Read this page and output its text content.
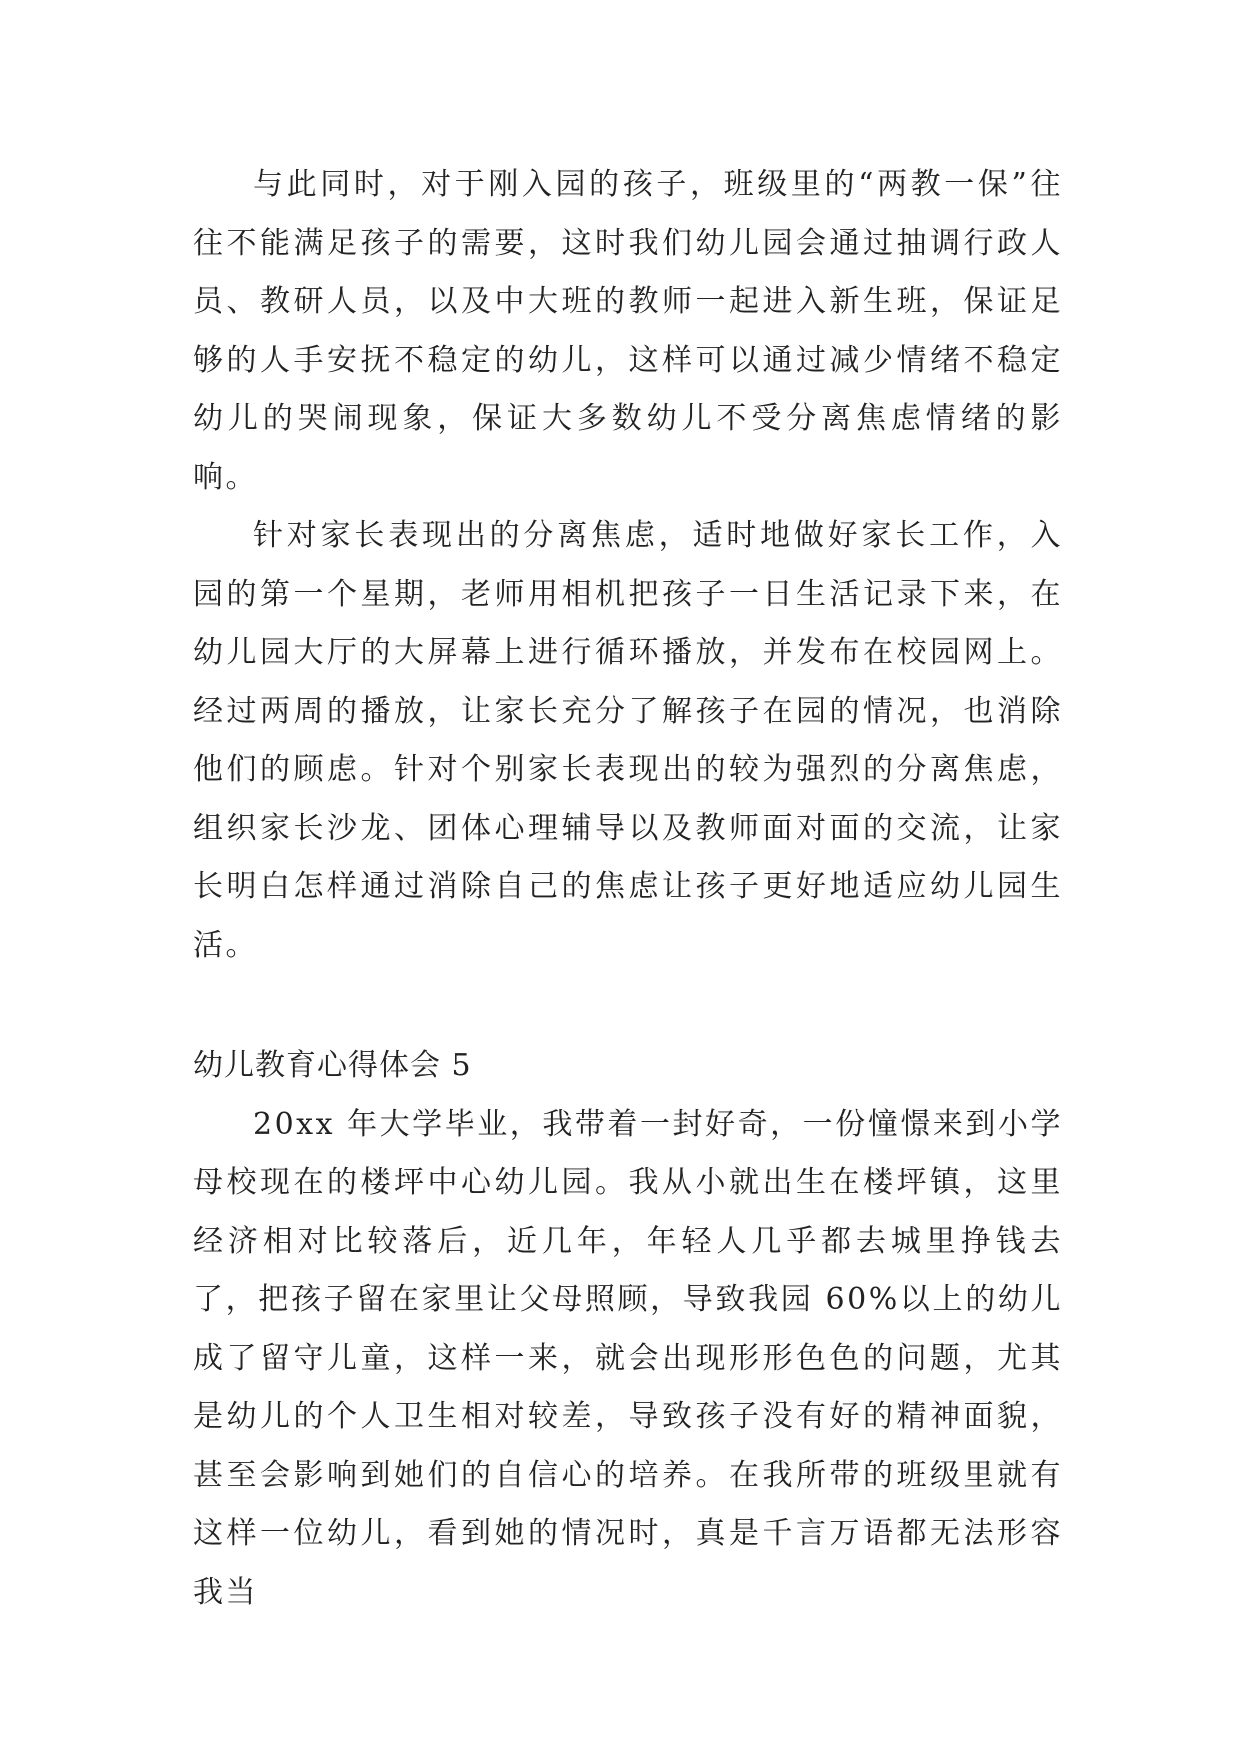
与此同时，对于刚入园的孩子，班级里的“两教一保”往往不能满足孩子的需要，这时我们幼儿园会通过抽调行政人员、教研人员，以及中大班的教师一起进入新生班，保证足够的人手安抚不稳定的幼儿，这样可以通过减少情绪不稳定幼儿的哭闹现象，保证大多数幼儿不受分离焦虑情绪的影响。

针对家长表现出的分离焦虑，适时地做好家长工作，入园的第一个星期，老师用相机把孩子一日生活记录下来，在幼儿园大厅的大屏幕上进行循环播放，并发布在校园网上。经过两周的播放，让家长充分了解孩子在园的情况，也消除他们的顾虑。针对个别家长表现出的较为强烈的分离焦虑，组织家长沙龙、团体心理辅导以及教师面对面的交流，让家长明白怎样通过消除自己的焦虑让孩子更好地适应幼儿园生活。

幼儿教育心得体会 5

20xx 年大学毕业，我带着一封好奇，一份憧憬来到小学母校现在的楼坪中心幼儿园。我从小就出生在楼坪镇，这里经济相对比较落后，近几年，年轻人几乎都去城里挣钱去了，把孩子留在家里让父母照顾，导致我园 60%以上的幼儿成了留守儿童，这样一来，就会出现形形色色的问题，尤其是幼儿的个人卫生相对较差，导致孩子没有好的精神面貌，甚至会影响到她们的自信心的培养。在我所带的班级里就有这样一位幼儿，看到她的情况时，真是千言万语都无法形容我当
